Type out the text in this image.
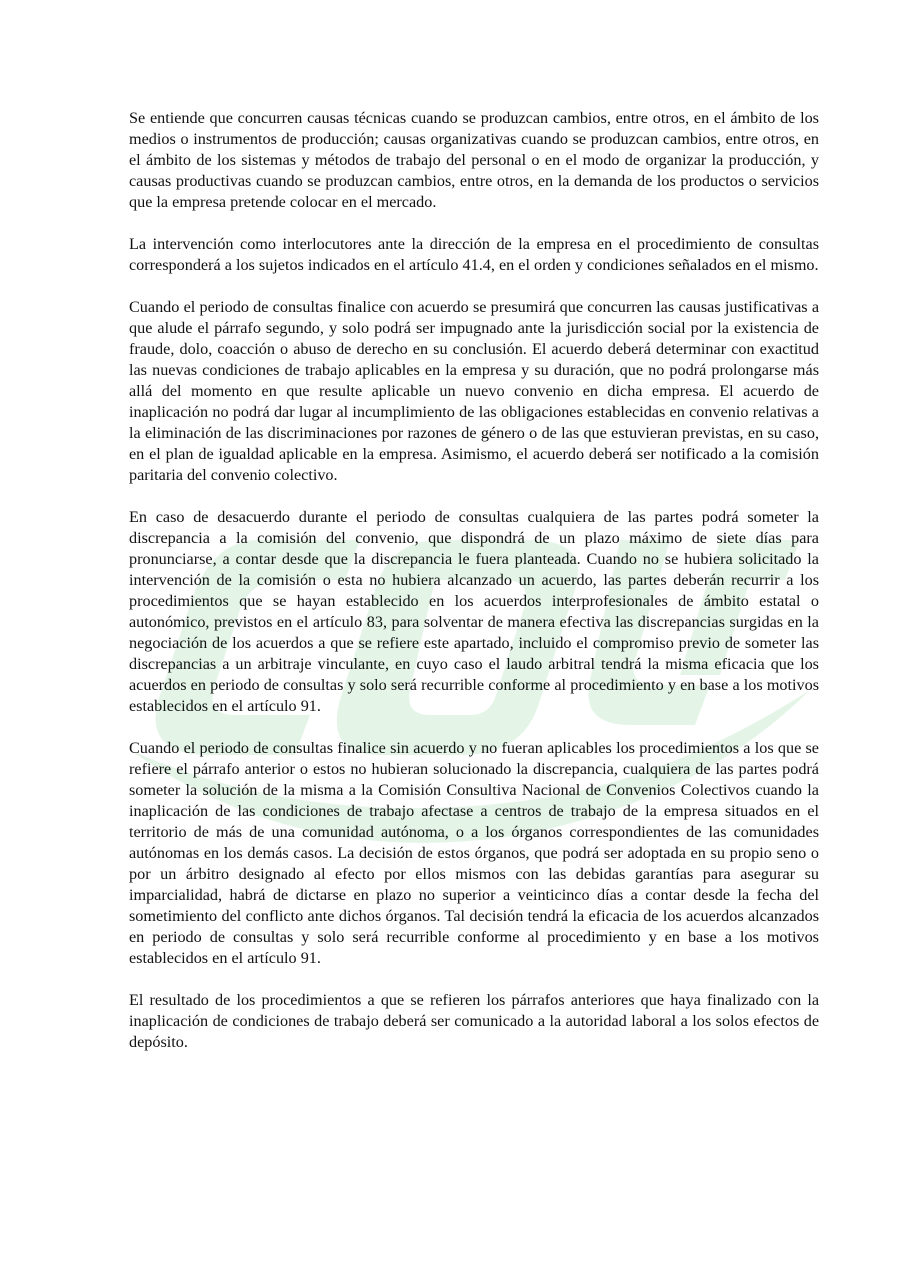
Se entiende que concurren causas técnicas cuando se produzcan cambios, entre otros, en el ámbito de los medios o instrumentos de producción; causas organizativas cuando se produzcan cambios, entre otros, en el ámbito de los sistemas y métodos de trabajo del personal o en el modo de organizar la producción, y causas productivas cuando se produzcan cambios, entre otros, en la demanda de los productos o servicios que la empresa pretende colocar en el mercado.

La intervención como interlocutores ante la dirección de la empresa en el procedimiento de consultas corresponderá a los sujetos indicados en el artículo 41.4, en el orden y condiciones señalados en el mismo.

Cuando el periodo de consultas finalice con acuerdo se presumirá que concurren las causas justificativas a que alude el párrafo segundo, y solo podrá ser impugnado ante la jurisdicción social por la existencia de fraude, dolo, coacción o abuso de derecho en su conclusión. El acuerdo deberá determinar con exactitud las nuevas condiciones de trabajo aplicables en la empresa y su duración, que no podrá prolongarse más allá del momento en que resulte aplicable un nuevo convenio en dicha empresa. El acuerdo de inaplicación no podrá dar lugar al incumplimiento de las obligaciones establecidas en convenio relativas a la eliminación de las discriminaciones por razones de género o de las que estuvieran previstas, en su caso, en el plan de igualdad aplicable en la empresa. Asimismo, el acuerdo deberá ser notificado a la comisión paritaria del convenio colectivo.

En caso de desacuerdo durante el periodo de consultas cualquiera de las partes podrá someter la discrepancia a la comisión del convenio, que dispondrá de un plazo máximo de siete días para pronunciarse, a contar desde que la discrepancia le fuera planteada. Cuando no se hubiera solicitado la intervención de la comisión o esta no hubiera alcanzado un acuerdo, las partes deberán recurrir a los procedimientos que se hayan establecido en los acuerdos interprofesionales de ámbito estatal o autonómico, previstos en el artículo 83, para solventar de manera efectiva las discrepancias surgidas en la negociación de los acuerdos a que se refiere este apartado, incluido el compromiso previo de someter las discrepancias a un arbitraje vinculante, en cuyo caso el laudo arbitral tendrá la misma eficacia que los acuerdos en periodo de consultas y solo será recurrible conforme al procedimiento y en base a los motivos establecidos en el artículo 91.

Cuando el periodo de consultas finalice sin acuerdo y no fueran aplicables los procedimientos a los que se refiere el párrafo anterior o estos no hubieran solucionado la discrepancia, cualquiera de las partes podrá someter la solución de la misma a la Comisión Consultiva Nacional de Convenios Colectivos cuando la inaplicación de las condiciones de trabajo afectase a centros de trabajo de la empresa situados en el territorio de más de una comunidad autónoma, o a los órganos correspondientes de las comunidades autónomas en los demás casos. La decisión de estos órganos, que podrá ser adoptada en su propio seno o por un árbitro designado al efecto por ellos mismos con las debidas garantías para asegurar su imparcialidad, habrá de dictarse en plazo no superior a veinticinco días a contar desde la fecha del sometimiento del conflicto ante dichos órganos. Tal decisión tendrá la eficacia de los acuerdos alcanzados en periodo de consultas y solo será recurrible conforme al procedimiento y en base a los motivos establecidos en el artículo 91.

El resultado de los procedimientos a que se refieren los párrafos anteriores que haya finalizado con la inaplicación de condiciones de trabajo deberá ser comunicado a la autoridad laboral a los solos efectos de depósito.
